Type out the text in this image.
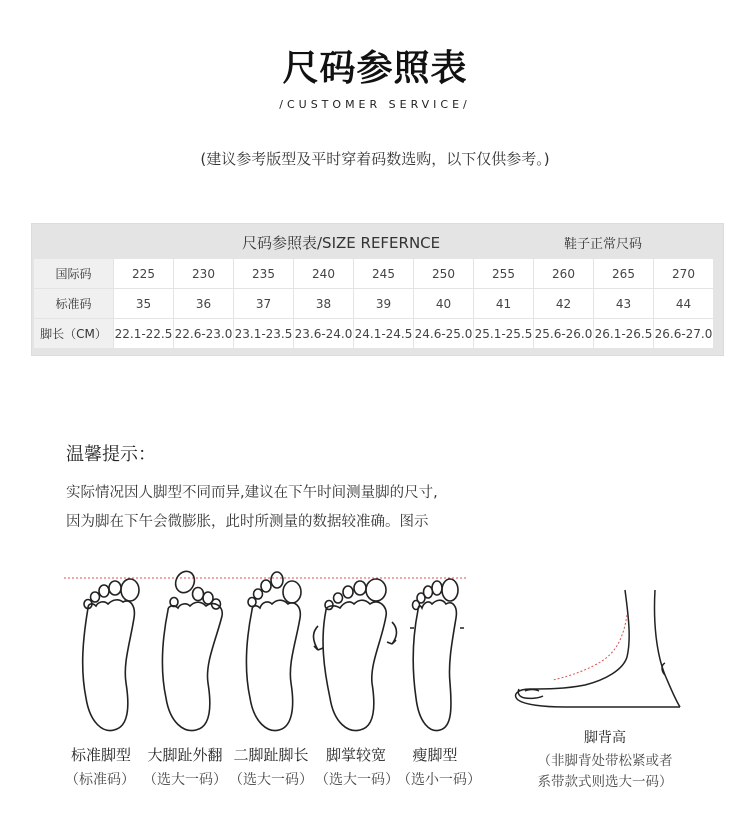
尺码参照表
/CUSTOMER SERVICE/
(建议参考版型及平时穿着码数选购，以下仅供参考。)
尺码参照表/SIZE REFERNCE	鞋子正常尺码
国际码	225	230	235	240	245	250	255	260	265	270
标准码	35	36	37	38	39	40	41	42	43	44
脚长（CM）	22.1-22.5	22.6-23.0	23.1-23.5	23.6-24.0	24.1-24.5	24.6-25.0	25.1-25.5	25.6-26.0	26.1-26.5	26.6-27.0
温馨提示：
实际情况因人脚型不同而异,建议在下午时间测量脚的尺寸,
因为脚在下午会微膨胀，此时所测量的数据较准确。图示
标准脚型	大脚趾外翻 二脚趾脚长	脚掌较宽	瘦脚型
（标准码） （选大一码） （选大一码） （选大一码）
（选小一码）
脚背高
（非脚背处带松紧或者
系带款式则选大一码）
